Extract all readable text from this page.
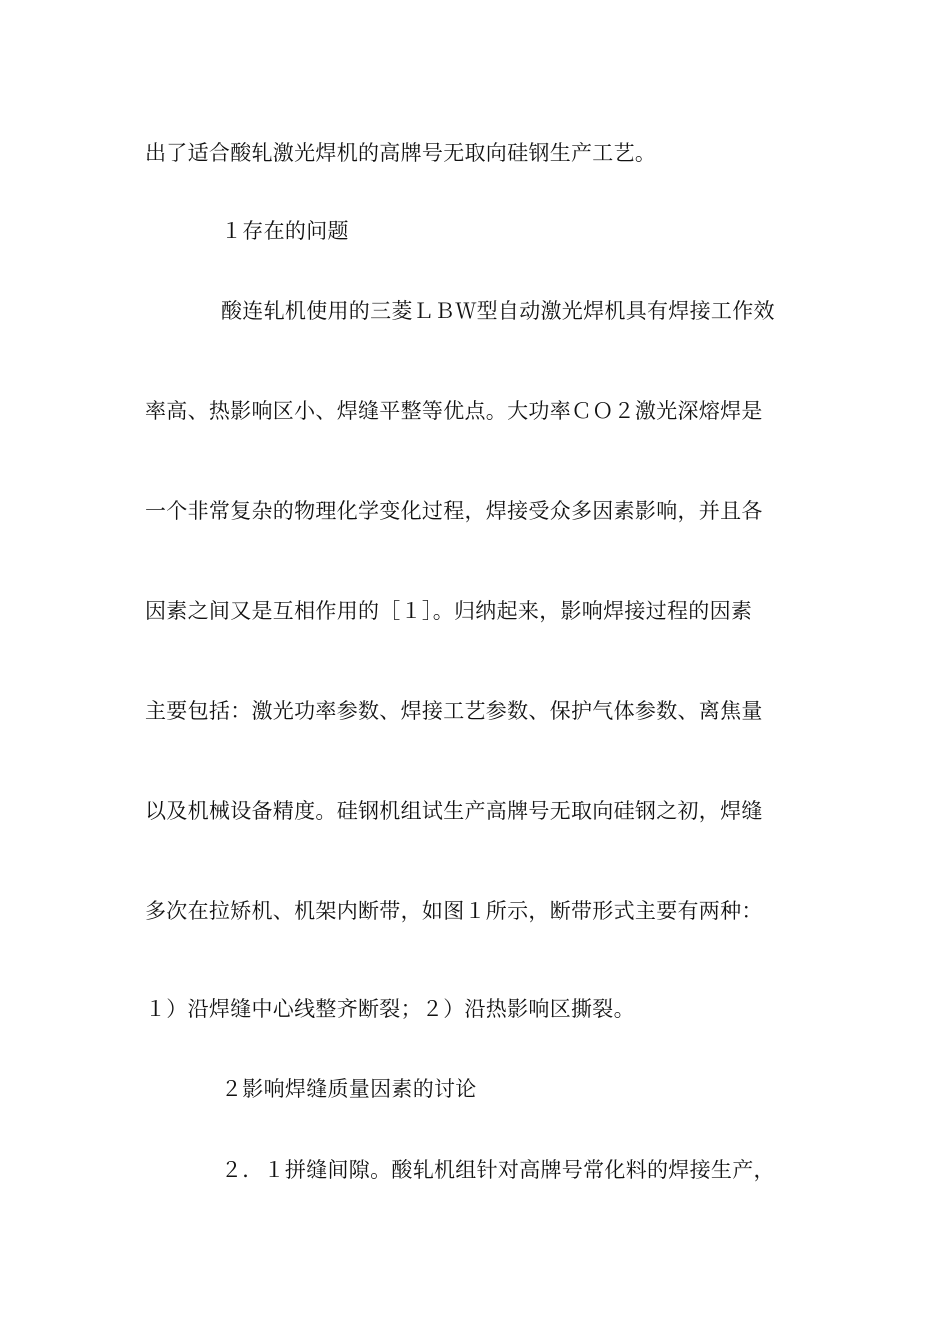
出了适合酸轧激光焊机的高牌号无取向硅钢生产工艺。
１存在的问题
酸连轧机使用的三菱ＬＢＷ型自动激光焊机具有焊接工作效
率高、热影响区小、焊缝平整等优点。大功率ＣＯ２激光深熔焊是
一个非常复杂的物理化学变化过程，焊接受众多因素影响，并且各
因素之间又是互相作用的［１］。归纳起来，影响焊接过程的因素
主要包括：激光功率参数、焊接工艺参数、保护气体参数、离焦量
以及机械设备精度。硅钢机组试生产高牌号无取向硅钢之初，焊缝
多次在拉矫机、机架内断带，如图１所示，断带形式主要有两种：
１）沿焊缝中心线整齐断裂；２）沿热影响区撕裂。
２影响焊缝质量因素的讨论
２．１拼缝间隙。酸轧机组针对高牌号常化料的焊接生产，
